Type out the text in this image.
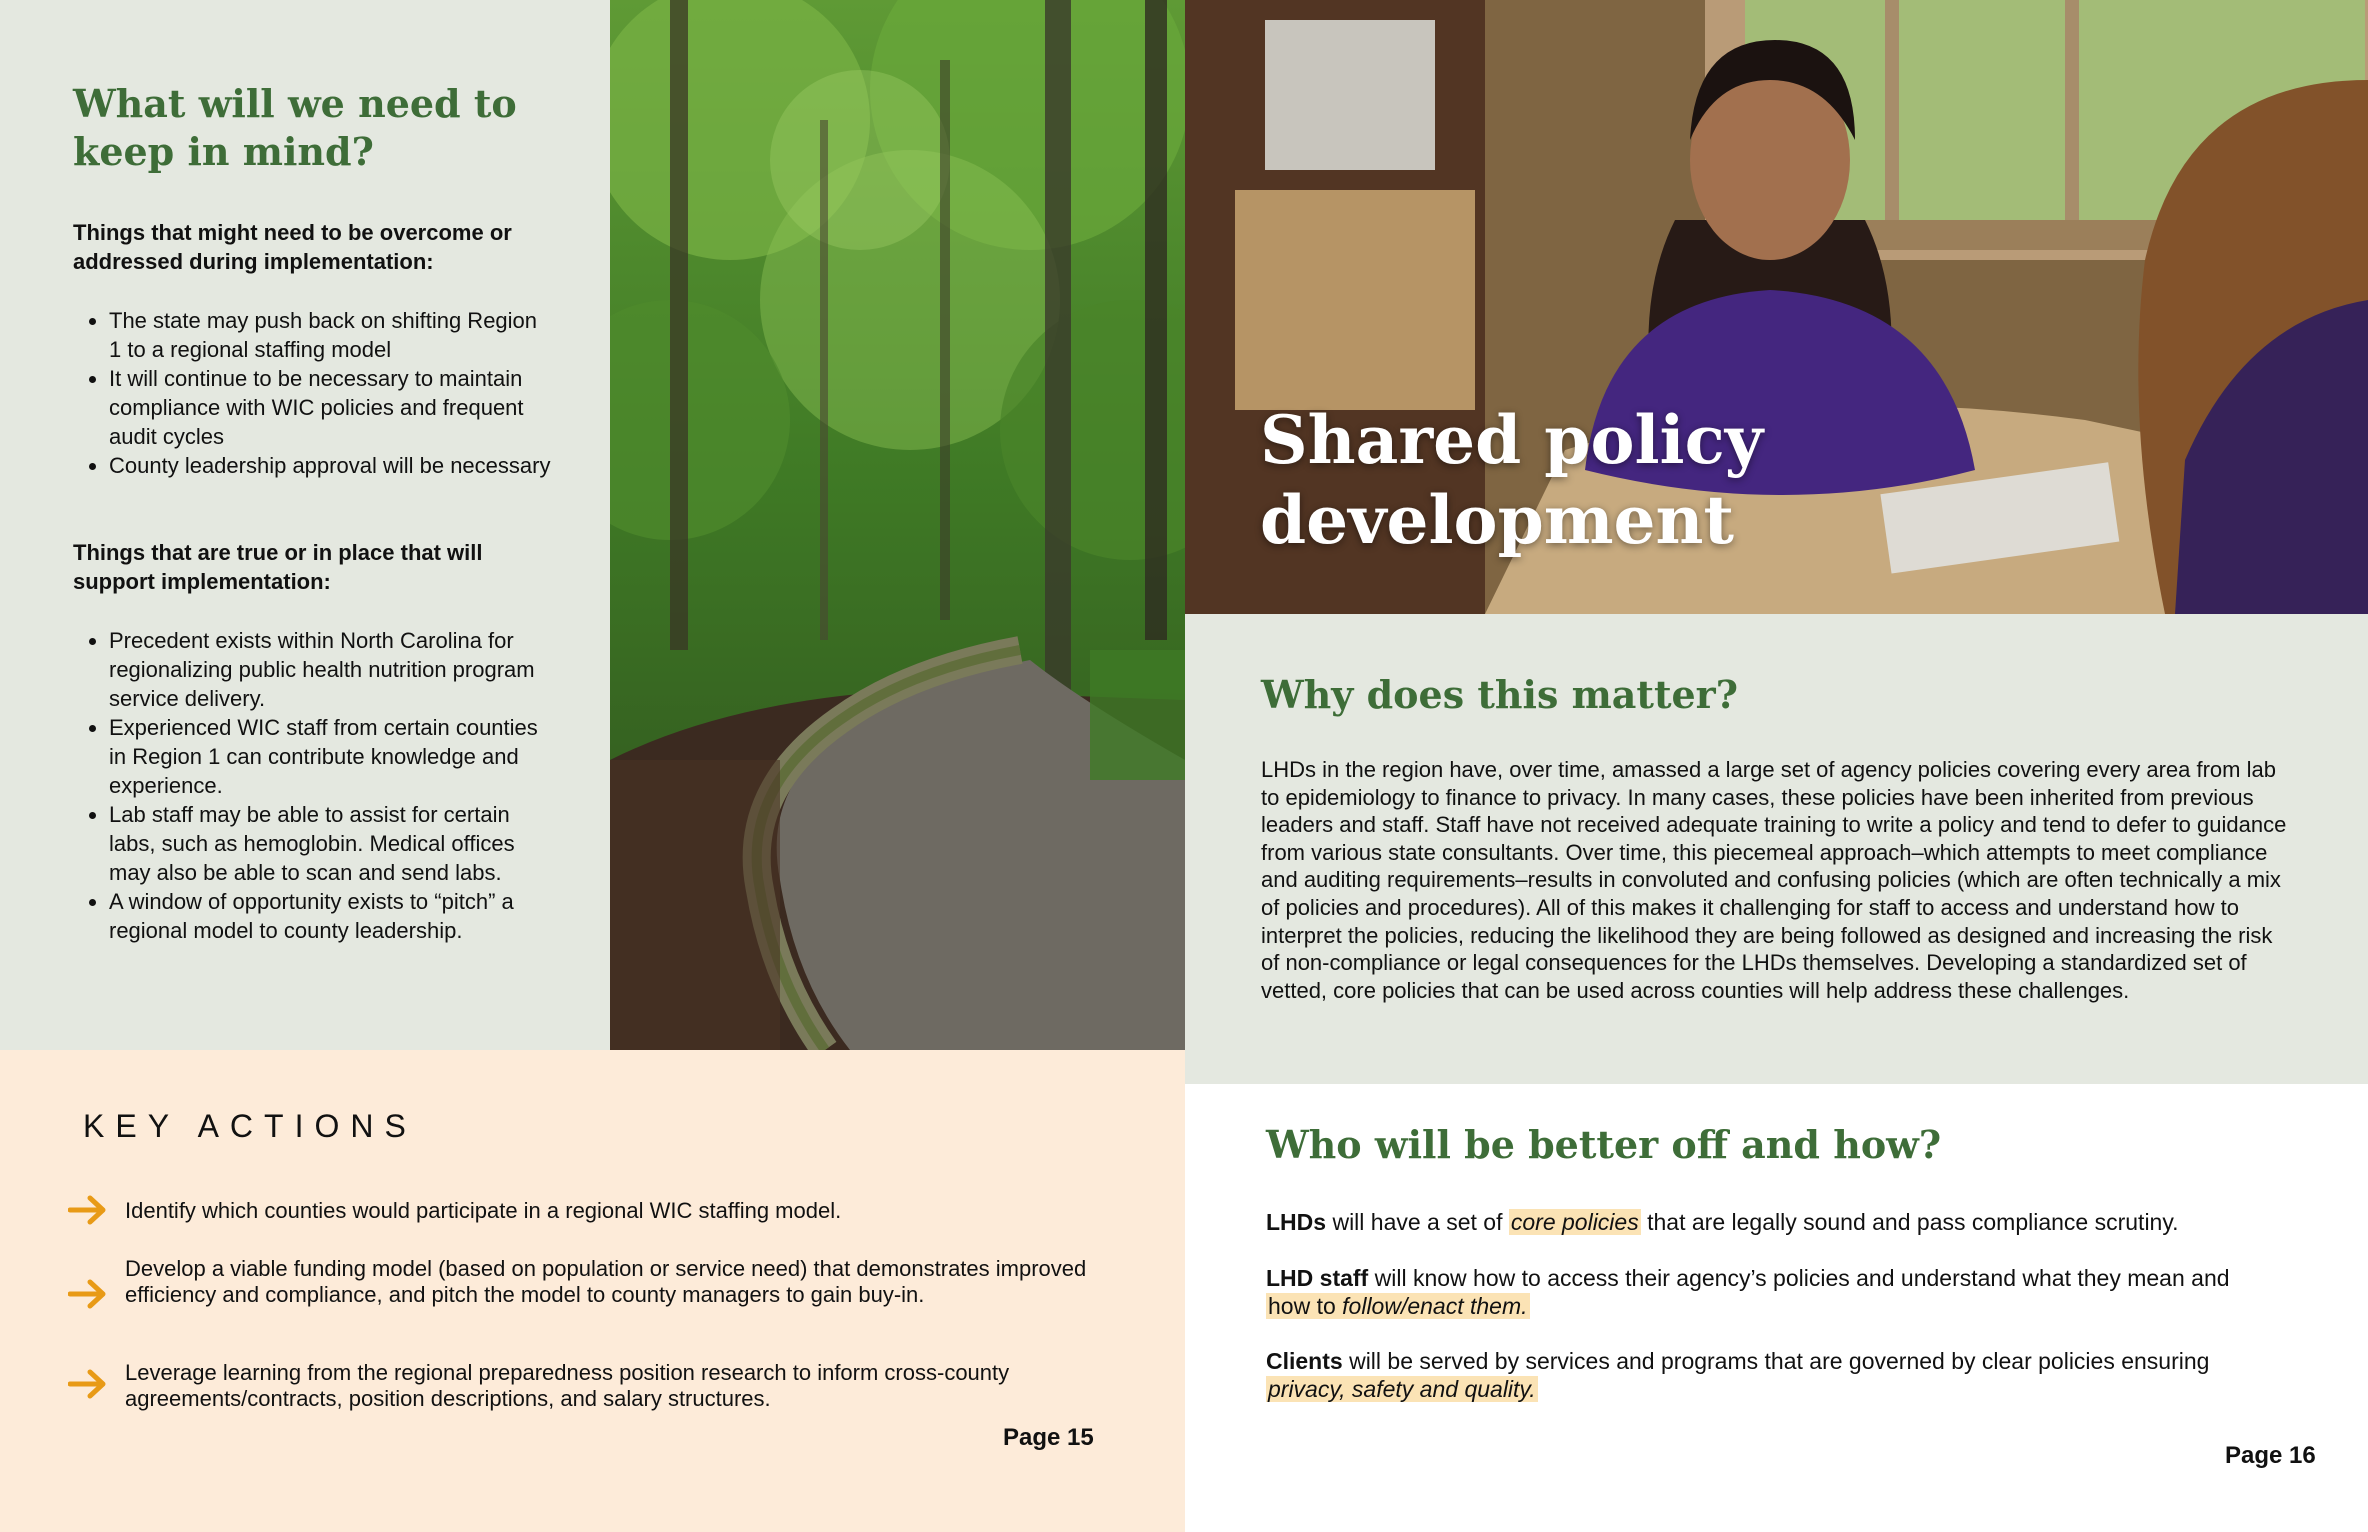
What will we need to keep in mind?

Things that might need to be overcome or addressed during implementation:

• The state may push back on shifting Region 1 to a regional staffing model
• It will continue to be necessary to maintain compliance with WIC policies and frequent audit cycles
• County leadership approval will be necessary

Things that are true or in place that will support implementation:

• Precedent exists within North Carolina for regionalizing public health nutrition program service delivery.
• Experienced WIC staff from certain counties in Region 1 can contribute knowledge and experience.
• Lab staff may be able to assist for certain labs, such as hemoglobin. Medical offices may also be able to scan and send labs.
• A window of opportunity exists to “pitch” a regional model to county leadership.
KEY ACTIONS

Identify which counties would participate in a regional WIC staffing model.

Develop a viable funding model (based on population or service need) that demonstrates improved efficiency and compliance, and pitch the model to county managers to gain buy-in.

Leverage learning from the regional preparedness position research to inform cross-county agreements/contracts, position descriptions, and salary structures.

Page 15

Shared policy development
Why does this matter?

LHDs in the region have, over time, amassed a large set of agency policies covering every area from lab to epidemiology to finance to privacy. In many cases, these policies have been inherited from previous leaders and staff. Staff have not received adequate training to write a policy and tend to defer to guidance from various state consultants. Over time, this piecemeal approach–which attempts to meet compliance and auditing requirements–results in convoluted and confusing policies (which are often technically a mix of policies and procedures). All of this makes it challenging for staff to access and understand how to interpret the policies, reducing the likelihood they are being followed as designed and increasing the risk of non-compliance or legal consequences for the LHDs themselves. Developing a standardized set of vetted, core policies that can be used across counties will help address these challenges.

Who will be better off and how?

LHDs will have a set of core policies that are legally sound and pass compliance scrutiny.

LHD staff will know how to access their agency’s policies and understand what they mean and how to follow/enact them.

Clients will be served by services and programs that are governed by clear policies ensuring privacy, safety and quality.

Page 16
